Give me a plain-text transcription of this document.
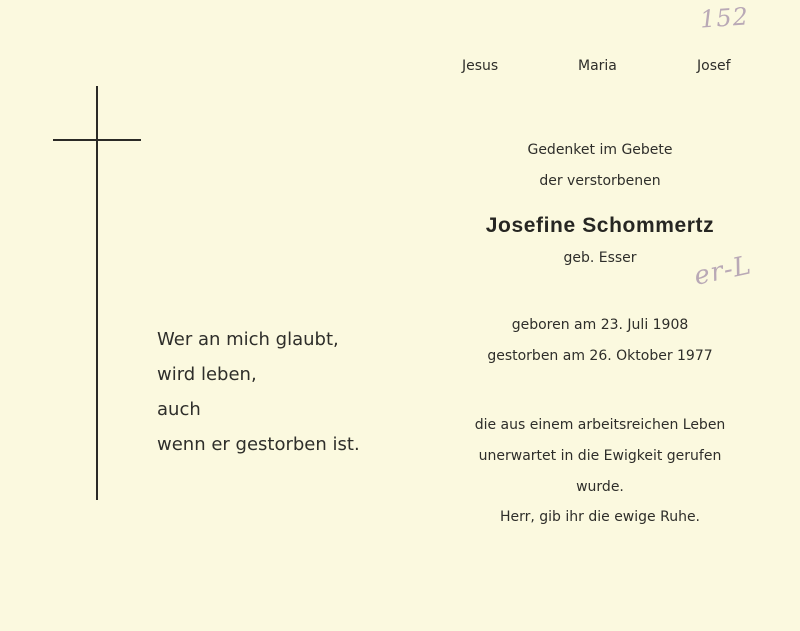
152
er-L
Jesus	Maria	Josef
Wer an mich glaubt,
wird leben,
auch
wenn er gestorben ist.
Gedenket im Gebete
der verstorbenen
Josefine Schommertz
geb. Esser
geboren am 23. Juli 1908
gestorben am 26. Oktober 1977
die aus einem arbeitsreichen Leben
unerwartet in die Ewigkeit gerufen
wurde.
Herr, gib ihr die ewige Ruhe.
